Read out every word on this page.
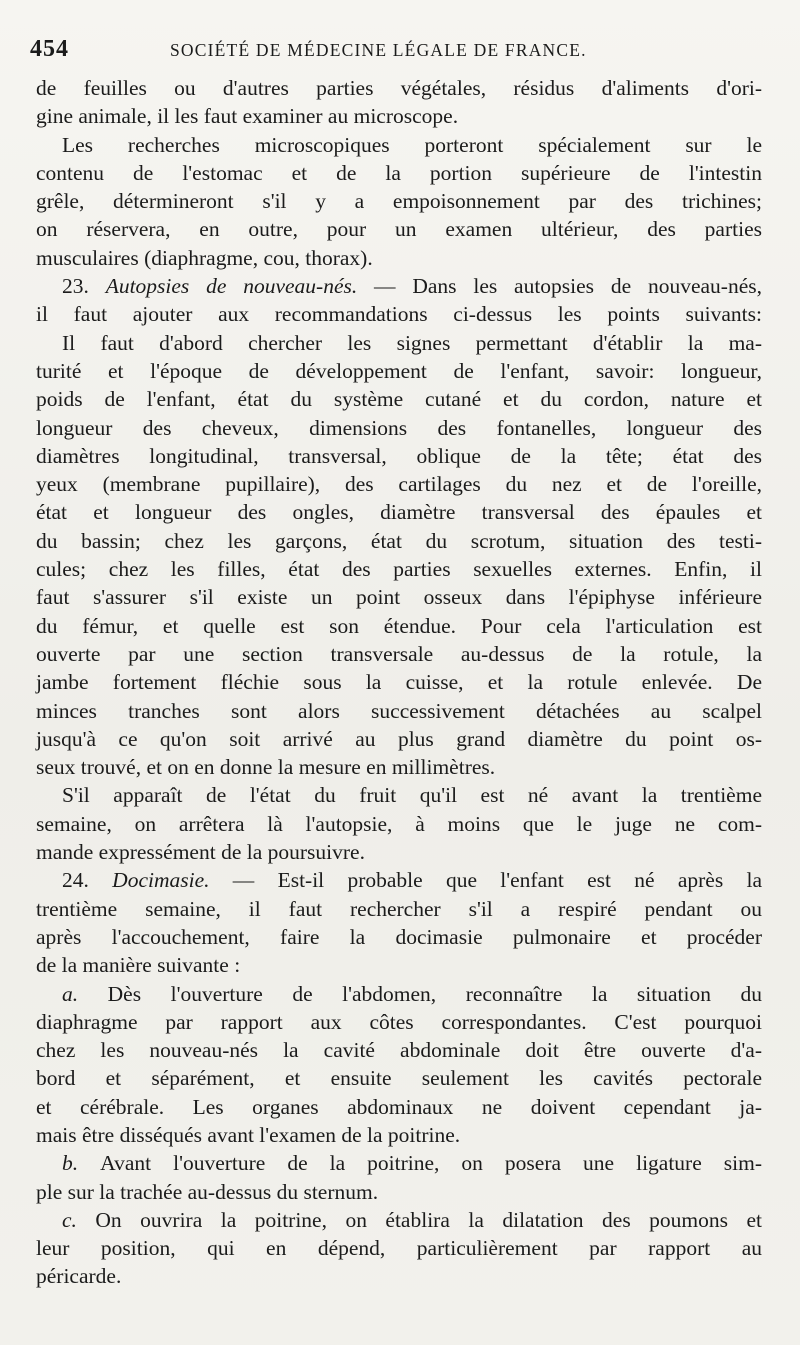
454	SOCIÉTÉ DE MÉDECINE LÉGALE DE FRANCE.
de feuilles ou d'autres parties végétales, résidus d'aliments d'ori-
gine animale, il les faut examiner au microscope.
Les recherches microscopiques porteront spécialement sur le
contenu de l'estomac et de la portion supérieure de l'intestin
grêle, détermineront s'il y a empoisonnement par des trichines;
on réservera, en outre, pour un examen ultérieur, des parties
musculaires (diaphragme, cou, thorax).
23. Autopsies de nouveau-nés. — Dans les autopsies de nouveau-nés,
il faut ajouter aux recommandations ci-dessus les points suivants:
Il faut d'abord chercher les signes permettant d'établir la ma-
turité et l'époque de développement de l'enfant, savoir: longueur,
poids de l'enfant, état du système cutané et du cordon, nature et
longueur des cheveux, dimensions des fontanelles, longueur des
diamètres longitudinal, transversal, oblique de la tête; état des
yeux (membrane pupillaire), des cartilages du nez et de l'oreille,
état et longueur des ongles, diamètre transversal des épaules et
du bassin; chez les garçons, état du scrotum, situation des testi-
cules; chez les filles, état des parties sexuelles externes. Enfin, il
faut s'assurer s'il existe un point osseux dans l'épiphyse inférieure
du fémur, et quelle est son étendue. Pour cela l'articulation est
ouverte par une section transversale au-dessus de la rotule, la
jambe fortement fléchie sous la cuisse, et la rotule enlevée. De
minces tranches sont alors successivement détachées au scalpel
jusqu'à ce qu'on soit arrivé au plus grand diamètre du point os-
seux trouvé, et on en donne la mesure en millimètres.
S'il apparaît de l'état du fruit qu'il est né avant la trentième
semaine, on arrêtera là l'autopsie, à moins que le juge ne com-
mande expressément de la poursuivre.
24. Docimasie. — Est-il probable que l'enfant est né après la
trentième semaine, il faut rechercher s'il a respiré pendant ou
après l'accouchement, faire la docimasie pulmonaire et procéder
de la manière suivante :
a. Dès l'ouverture de l'abdomen, reconnaître la situation du
diaphragme par rapport aux côtes correspondantes. C'est pourquoi
chez les nouveau-nés la cavité abdominale doit être ouverte d'a-
bord et séparément, et ensuite seulement les cavités pectorale
et cérébrale. Les organes abdominaux ne doivent cependant ja-
mais être disséqués avant l'examen de la poitrine.
b. Avant l'ouverture de la poitrine, on posera une ligature sim-
ple sur la trachée au-dessus du sternum.
c. On ouvrira la poitrine, on établira la dilatation des poumons et
leur position, qui en dépend, particulièrement par rapport au
péricarde.
